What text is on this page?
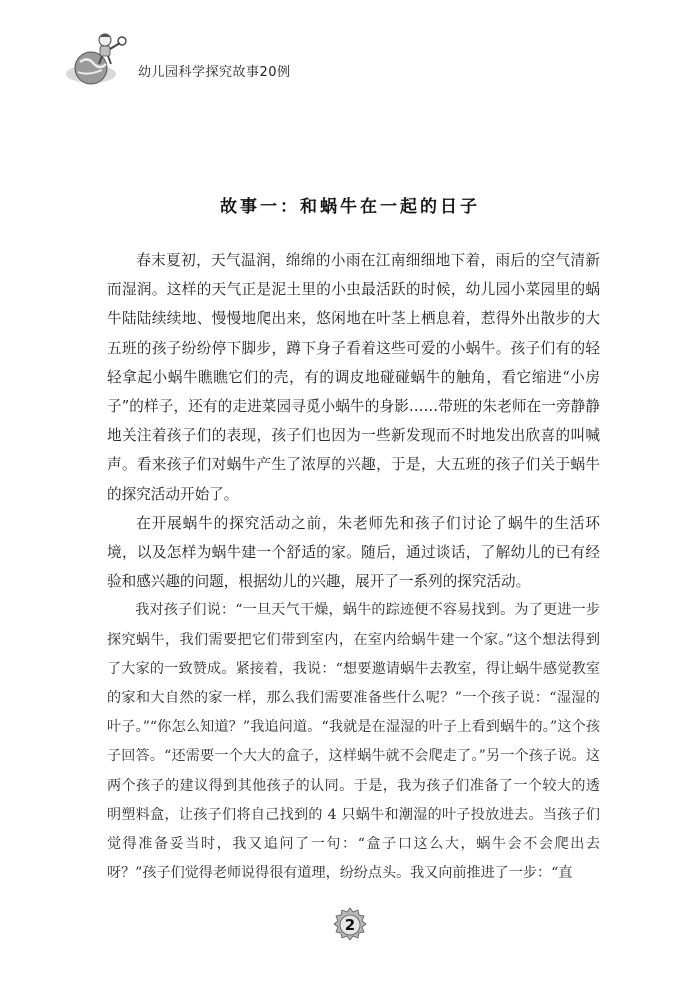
幼儿园科学探究故事20例
故事一：和蜗牛在一起的日子

春末夏初，天气温润，绵绵的小雨在江南细细地下着，雨后的空气清新而湿润。这样的天气正是泥土里的小虫最活跃的时候，幼儿园小菜园里的蜗牛陆陆续续地、慢慢地爬出来，悠闲地在叶茎上栖息着，惹得外出散步的大五班的孩子纷纷停下脚步，蹲下身子看着这些可爱的小蜗牛。孩子们有的轻轻拿起小蜗牛瞧瞧它们的壳，有的调皮地碰碰蜗牛的触角，看它缩进“小房子”的样子，还有的走进菜园寻觅小蜗牛的身影……带班的朱老师在一旁静静地关注着孩子们的表现，孩子们也因为一些新发现而不时地发出欣喜的叫喊声。看来孩子们对蜗牛产生了浓厚的兴趣，于是，大五班的孩子们关于蜗牛的探究活动开始了。

在开展蜗牛的探究活动之前，朱老师先和孩子们讨论了蜗牛的生活环境，以及怎样为蜗牛建一个舒适的家。随后，通过谈话，了解幼儿的已有经验和感兴趣的问题，根据幼儿的兴趣，展开了一系列的探究活动。

我对孩子们说：“一旦天气干燥，蜗牛的踪迹便不容易找到。为了更进一步探究蜗牛，我们需要把它们带到室内，在室内给蜗牛建一个家。”这个想法得到了大家的一致赞成。紧接着，我说：“想要邀请蜗牛去教室，得让蜗牛感觉教室的家和大自然的家一样，那么我们需要准备些什么呢？”一个孩子说：“湿湿的叶子。”“你怎么知道？”我追问道。“我就是在湿湿的叶子上看到蜗牛的。”这个孩子回答。“还需要一个大大的盒子，这样蜗牛就不会爬走了。”另一个孩子说。这两个孩子的建议得到其他孩子的认同。于是，我为孩子们准备了一个较大的透明塑料盒，让孩子们将自己找到的 4 只蜗牛和潮湿的叶子投放进去。当孩子们觉得准备妥当时，我又追问了一句：“盒子口这么大，蜗牛会不会爬出去呀？”孩子们觉得老师说得很有道理，纷纷点头。我又向前推进了一步：“直

2
